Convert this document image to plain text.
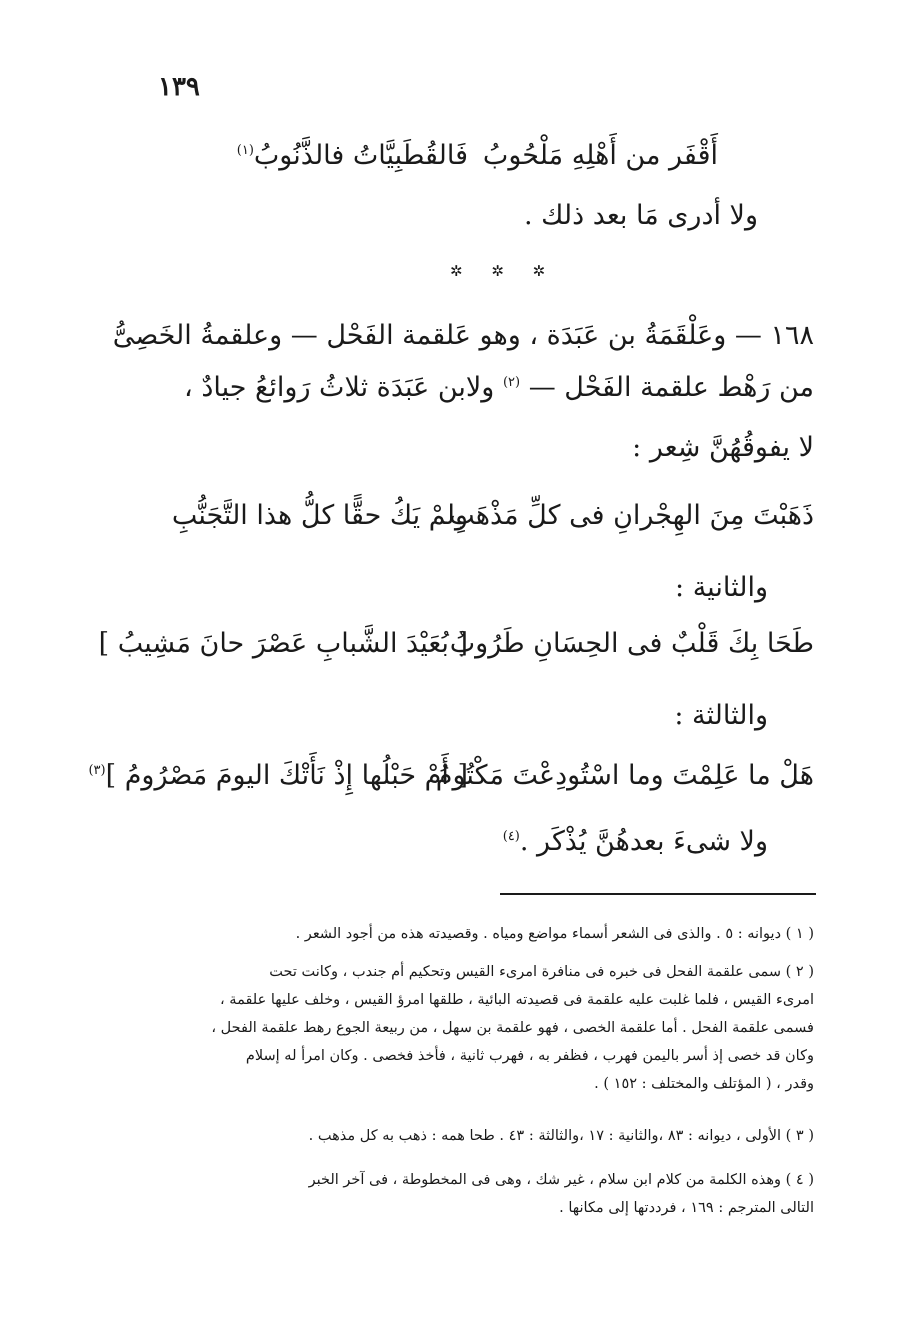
١٣٩
أَقْفَر من أَهْلِهِ مَلْحُوبُ
فَالقُطَبِيَّاتُ فالذَّنُوبُ$^{(١)}$
ولا أدرى مَا بعد ذلك .
✲ ✲ ✲
١٦٨ — وعَلْقَمَةُ بن عَبَدَة ، وهو عَلقمة الفَحْل — وعلقمةُ الخَصِىُّ
من رَهْط علقمة الفَحْل — $^{(٢)}$ ولابن عَبَدَة ثلاثُ رَوائعُ جيادٌ ،
لا يفوقُهُنَّ شِعر :
ذَهَبْتَ مِنَ الهِجْرانِ فى كلِّ مَذْهَبِ
ولمْ يَكُ حقًّا كلُّ هذا التَّجَنُّبِ
والثانية :
طَحَا بِكَ قَلْبٌ فى الحِسَانِ طَرُوبُ
[ بُعَيْدَ الشَّبابِ عَصْرَ حانَ مَشِيبُ ]
والثالثة :
هَلْ ما عَلِمْتَ وما اسْتُودِعْتَ مَكْتُومُ
[ أَمْ حَبْلُها إِذْ نَأَتْكَ اليومَ مَصْرُومُ ]$^{(٣)}$
ولا شىءَ بعدهُنَّ يُذْكَر .$^{(٤)}$
( ١ ) ديوانه : ٥ . والذى فى الشعر أسماء مواضع ومياه . وقصيدته هذه من أجود الشعر .
( ٢ ) سمى علقمة الفحل فى خبره فى منافرة امرىء القيس وتحكيم أم جندب ، وكانت تحت
امرىء القيس ، فلما غلبت عليه علقمة فى قصيدته البائية ، طلقها امرؤ القيس ، وخلف عليها علقمة ،
فسمى علقمة الفحل . أما علقمة الخصى ، فهو علقمة بن سهل ، من ربيعة الجوع رهط علقمة الفحل ،
وكان قد خصى إذ أسر باليمن فهرب ، فظفر به ، فهرب ثانية ، فأخذ فخصى . وكان امرأ له إسلام
وقدر ، ( المؤتلف والمختلف : ١٥٢ ) .
( ٣ ) الأولى ، ديوانه : ٨٣ ،والثانية : ١٧ ،والثالثة : ٤٣ . طحا همه : ذهب به كل مذهب .
( ٤ ) وهذه الكلمة من كلام ابن سلام ، غير شك ، وهى فى المخطوطة ، فى آخر الخبر
التالى المترجم : ١٦٩ ، فرددتها إلى مكانها .
